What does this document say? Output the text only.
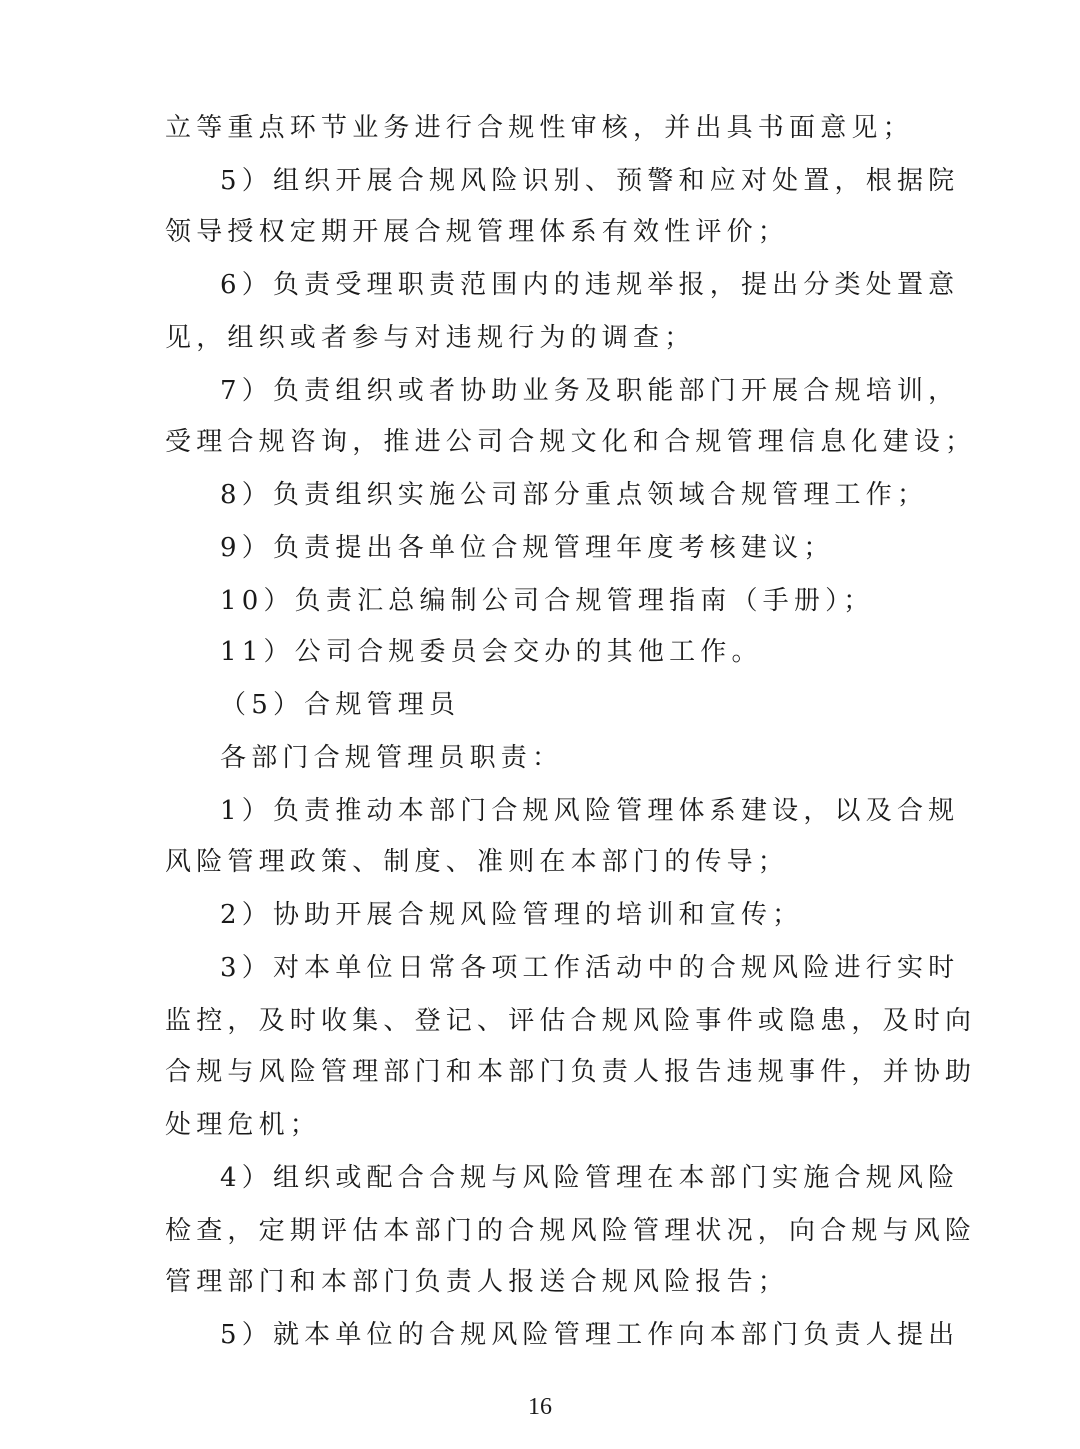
立等重点环节业务进行合规性审核，并出具书面意见；
5）组织开展合规风险识别、预警和应对处置，根据院
领导授权定期开展合规管理体系有效性评价；
6）负责受理职责范围内的违规举报，提出分类处置意
见，组织或者参与对违规行为的调查；
7）负责组织或者协助业务及职能部门开展合规培训，
受理合规咨询，推进公司合规文化和合规管理信息化建设；
8）负责组织实施公司部分重点领域合规管理工作；
9）负责提出各单位合规管理年度考核建议；
10）负责汇总编制公司合规管理指南（手册）；
11）公司合规委员会交办的其他工作。
（5）合规管理员
各部门合规管理员职责：
1）负责推动本部门合规风险管理体系建设，以及合规
风险管理政策、制度、准则在本部门的传导；
2）协助开展合规风险管理的培训和宣传；
3）对本单位日常各项工作活动中的合规风险进行实时
监控，及时收集、登记、评估合规风险事件或隐患，及时向
合规与风险管理部门和本部门负责人报告违规事件，并协助
处理危机；
4）组织或配合合规与风险管理在本部门实施合规风险
检查，定期评估本部门的合规风险管理状况，向合规与风险
管理部门和本部门负责人报送合规风险报告；
5）就本单位的合规风险管理工作向本部门负责人提出
16
